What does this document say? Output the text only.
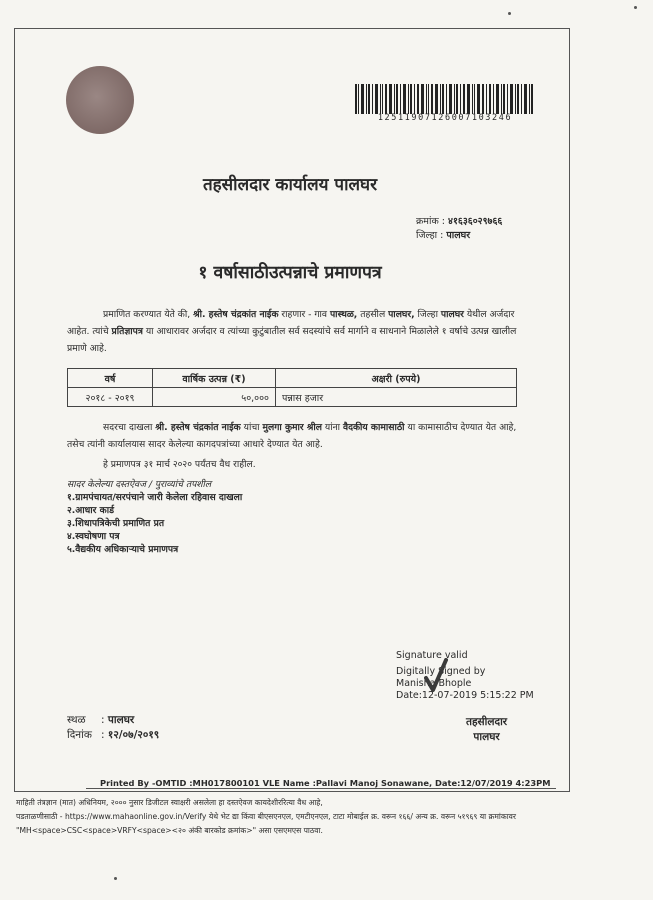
12511907126007103246
तहसीलदार कार्यालय पालघर
क्रमांक : ४१६३६०२९७६६
जिल्हा : पालघर
१ वर्षासाठीउत्पन्नाचे प्रमाणपत्र
प्रमाणित करण्यात येते की, श्री. हस्तेष चंद्रकांत नाईक राहणार - गाव पास्थळ, तहसील पालघर, जिल्हा पालघर येथील अर्जदार आहेत. त्यांचे प्रतिज्ञापत्र या आधारावर अर्जदार व त्यांच्या कुटुंबातील सर्व सदस्यांचे सर्व मार्गाने व साधनाने मिळालेले १ वर्षाचे उत्पन्न खालील प्रमाणे आहे.
वर्ष	वार्षिक उत्पन्न (₹)	अक्षरी (रुपये)
२०१८ - २०१९	५०,०००	पन्नास हजार
सदरचा दाखला श्री. हस्तेष चंद्रकांत नाईक यांचा मुलगा कुमार श्रील यांना वैदकीय कामासाठी या कामासाठीच देण्यात येत आहे, तसेच त्यांनी कार्यालयास सादर केलेल्या कागदपत्रांच्या आधारे देण्यात येत आहे.
हे प्रमाणपत्र ३१ मार्च २०२० पर्यंतच वैध राहील.
सादर केलेल्या दस्तऐवज / पुराव्यांचे तपशील
१.ग्रामपंचायत/सरपंचाने जारी केलेला रहिवास दाखला
२.आधार कार्ड
३.शिधापत्रिकेची प्रमाणित प्रत
४.स्वघोषणा पत्र
५.वैद्यकीय अधिकाऱ्याचे प्रमाणपत्र
Signature valid
Digitally Signed by
Manisha Bhople
Date:12-07-2019 5:15:22 PM
स्थळ : पालघर
दिनांक : १२/०७/२०१९
तहसीलदार
पालघर
Printed By -OMTID :MH017800101 VLE Name :Pallavi Manoj Sonawane, Date:12/07/2019 4:23PM
माहिती तंत्रज्ञान (मात) अधिनियम, २००० नुसार डिजीटल स्वाक्षरी असलेला हा दस्तऐवज कायदेशीररित्या वैध आहे,
पडताळणीसाठी - https://www.mahaonline.gov.in/Verify येथे भेट द्या किंवा बीएसएनएल, एमटीएनएल, टाटा मोबाईल क्र. वरून १६६/ अन्य क्र. वरून ५१९६९ या क्रमांकावर
"MH<space>CSC<space>VRFY<space><२० अंकी बारकोड क्रमांक>" असा एसएमएस पाठवा.
